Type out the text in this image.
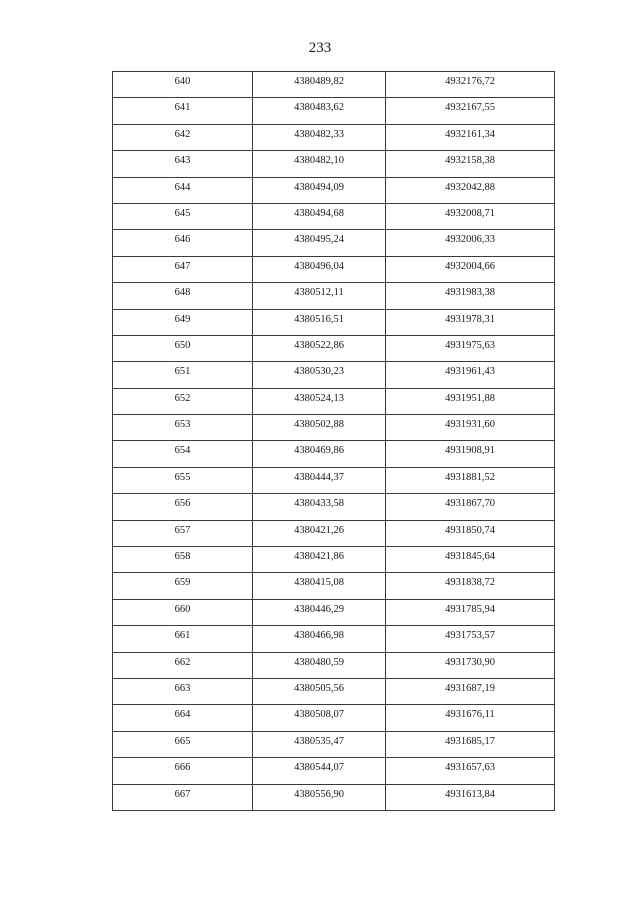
233
640	4380489,82	4932176,72
641	4380483,62	4932167,55
642	4380482,33	4932161,34
643	4380482,10	4932158,38
644	4380494,09	4932042,88
645	4380494,68	4932008,71
646	4380495,24	4932006,33
647	4380496,04	4932004,66
648	4380512,11	4931983,38
649	4380516,51	4931978,31
650	4380522,86	4931975,63
651	4380530,23	4931961,43
652	4380524,13	4931951,88
653	4380502,88	4931931,60
654	4380469,86	4931908,91
655	4380444,37	4931881,52
656	4380433,58	4931867,70
657	4380421,26	4931850,74
658	4380421,86	4931845,64
659	4380415,08	4931838,72
660	4380446,29	4931785,94
661	4380466,98	4931753,57
662	4380480,59	4931730,90
663	4380505,56	4931687,19
664	4380508,07	4931676,11
665	4380535,47	4931685,17
666	4380544,07	4931657,63
667	4380556,90	4931613,84
